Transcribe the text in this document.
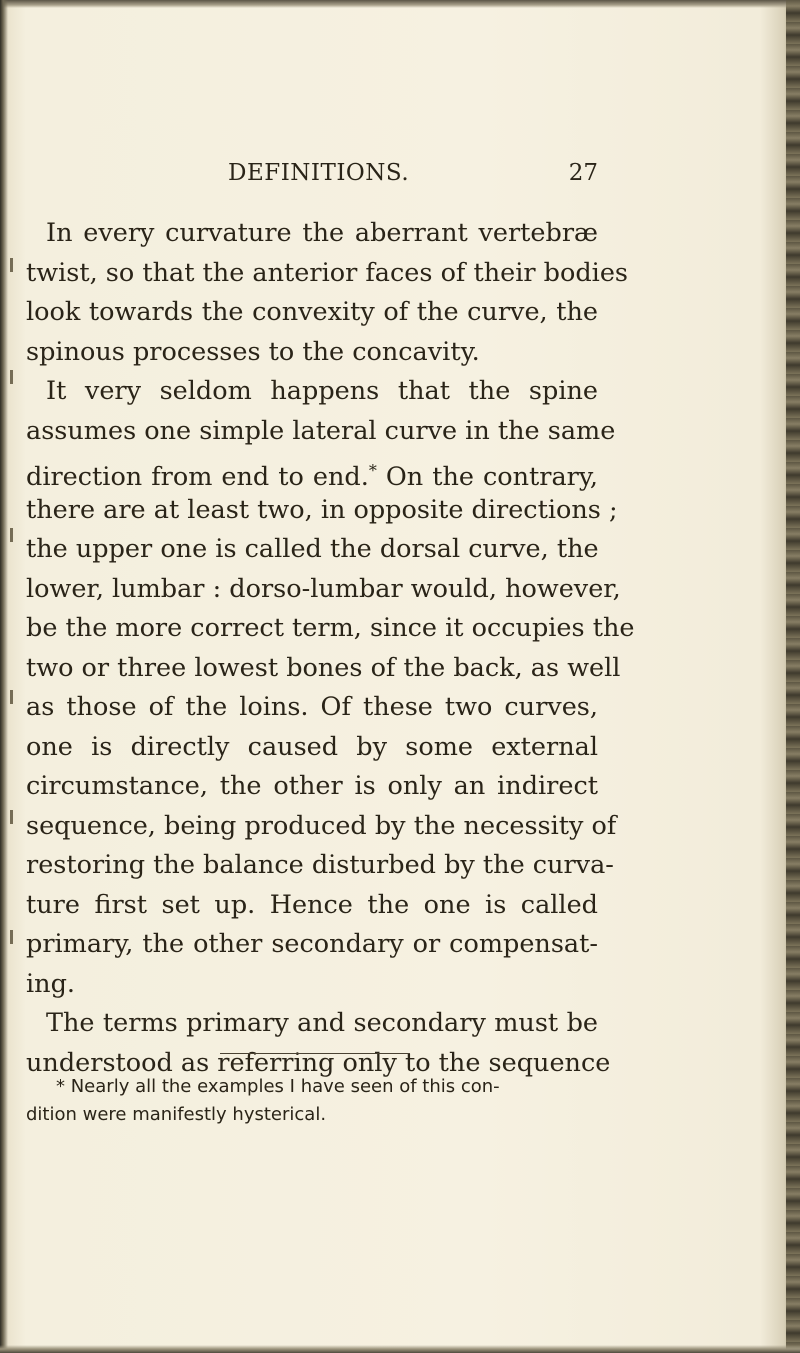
DEFINITIONS.	27
In every curvature the aberrant vertebræ
twist, so that the anterior faces of their bodies
look towards the convexity of the curve, the
spinous processes to the concavity.
It very seldom happens that the spine
assumes one simple lateral curve in the same
direction from end to end.* On the contrary,
there are at least two, in opposite directions ;
the upper one is called the dorsal curve, the
lower, lumbar : dorso-lumbar would, however,
be the more correct term, since it occupies the
two or three lowest bones of the back, as well
as those of the loins. Of these two curves,
one is directly caused by some external
circumstance, the other is only an indirect
sequence, being produced by the necessity of
restoring the balance disturbed by the curva-
ture first set up. Hence the one is called
primary, the other secondary or compensat-
ing.
The terms primary and secondary must be
understood as referring only to the sequence
* Nearly all the examples I have seen of this con-
dition were manifestly hysterical.
